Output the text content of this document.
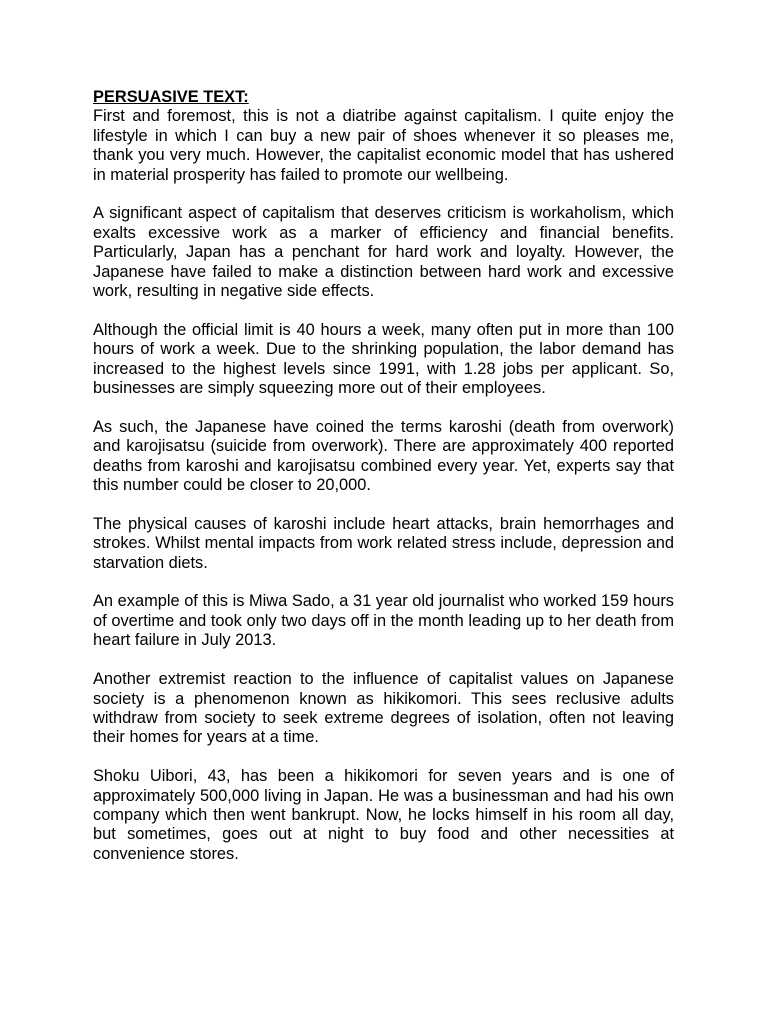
PERSUASIVE TEXT:

First and foremost, this is not a diatribe against capitalism. I quite enjoy the lifestyle in which I can buy a new pair of shoes whenever it so pleases me, thank you very much. However, the capitalist economic model that has ushered in material prosperity has failed to promote our wellbeing.

A significant aspect of capitalism that deserves criticism is workaholism, which exalts excessive work as a marker of efficiency and financial benefits. Particularly, Japan has a penchant for hard work and loyalty. However, the Japanese have failed to make a distinction between hard work and excessive work, resulting in negative side effects.

Although the official limit is 40 hours a week, many often put in more than 100 hours of work a week. Due to the shrinking population, the labor demand has increased to the highest levels since 1991, with 1.28 jobs per applicant. So, businesses are simply squeezing more out of their employees.

As such, the Japanese have coined the terms karoshi (death from overwork) and karojisatsu (suicide from overwork). There are approximately 400 reported deaths from karoshi and karojisatsu combined every year. Yet, experts say that this number could be closer to 20,000.

The physical causes of karoshi include heart attacks, brain hemorrhages and strokes. Whilst mental impacts from work related stress include, depression and starvation diets.

An example of this is Miwa Sado, a 31 year old journalist who worked 159 hours of overtime and took only two days off in the month leading up to her death from heart failure in July 2013.

Another extremist reaction to the influence of capitalist values on Japanese society is a phenomenon known as hikikomori. This sees reclusive adults withdraw from society to seek extreme degrees of isolation, often not leaving their homes for years at a time.

Shoku Uibori, 43, has been a hikikomori for seven years and is one of approximately 500,000 living in Japan. He was a businessman and had his own company which then went bankrupt. Now, he locks himself in his room all day, but sometimes, goes out at night to buy food and other necessities at convenience stores.
